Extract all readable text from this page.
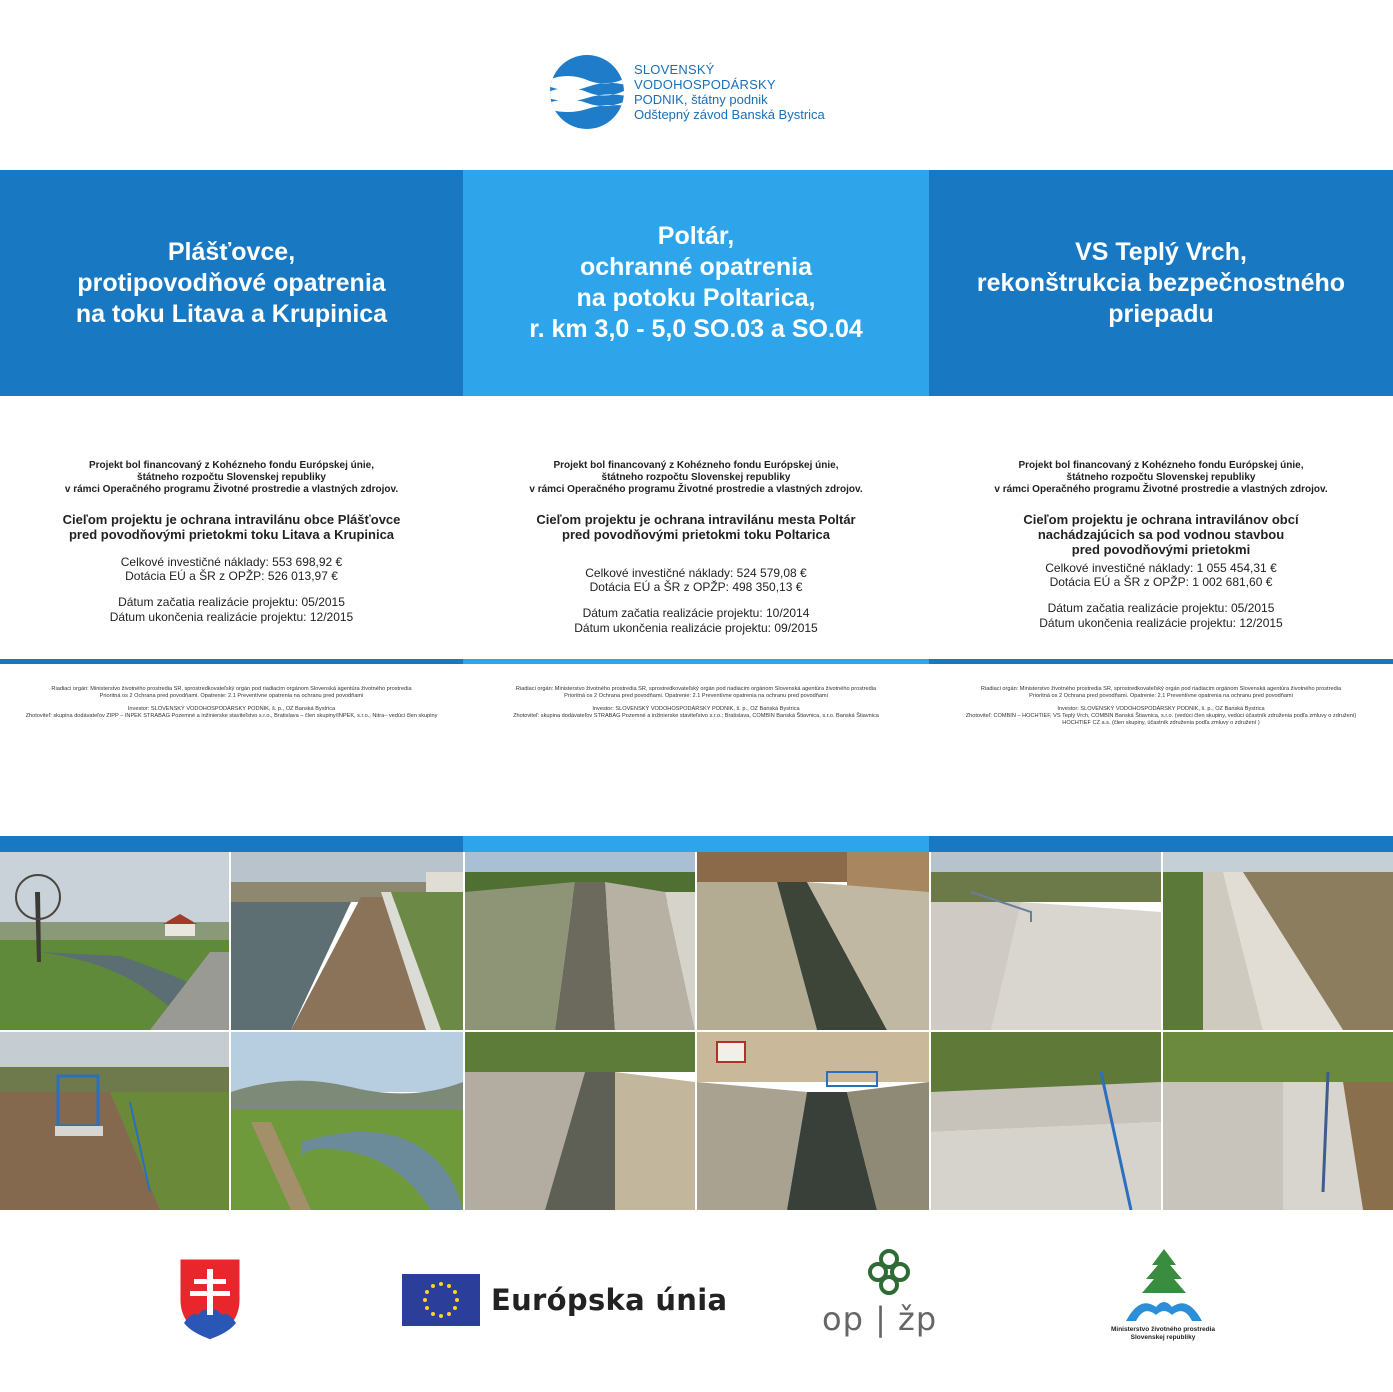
SLOVENSKÝ
VODOHOSPODÁRSKY
PODNIK, štátny podnik
Odštepný závod Banská Bystrica
Plášťovce,
protipovodňové opatrenia
na toku Litava a Krupinica
Poltár,
ochranné opatrenia
na potoku Poltarica,
r. km 3,0 - 5,0 SO.03 a SO.04
VS Teplý Vrch,
rekonštrukcia bezpečnostného
priepadu
Projekt bol financovaný z Kohézneho fondu Európskej únie,
štátneho rozpočtu Slovenskej republiky
v rámci Operačného programu Životné prostredie a vlastných zdrojov.
Cieľom projektu je ochrana intravilánu obce Plášťovce
pred povodňovými prietokmi toku Litava a Krupinica
Celkové investičné náklady: 553 698,92 €
Dotácia EÚ a ŠR z OPŽP: 526 013,97 €
Dátum začatia realizácie projektu: 05/2015
Dátum ukončenia realizácie projektu: 12/2015
Projekt bol financovaný z Kohézneho fondu Európskej únie,
štátneho rozpočtu Slovenskej republiky
v rámci Operačného programu Životné prostredie a vlastných zdrojov.
Cieľom projektu je ochrana intravilánu mesta Poltár
pred povodňovými prietokmi toku Poltarica
Celkové investičné náklady: 524 579,08 €
Dotácia EÚ a ŠR z OPŽP: 498 350,13 €
Dátum začatia realizácie projektu: 10/2014
Dátum ukončenia realizácie projektu: 09/2015
Projekt bol financovaný z Kohézneho fondu Európskej únie,
štátneho rozpočtu Slovenskej republiky
v rámci Operačného programu Životné prostredie a vlastných zdrojov.
Cieľom projektu je ochrana intravilánov obcí
nachádzajúcich sa pod vodnou stavbou
pred povodňovými prietokmi
Celkové investičné náklady: 1 055 454,31 €
Dotácia EÚ a ŠR z OPŽP: 1 002 681,60 €
Dátum začatia realizácie projektu: 05/2015
Dátum ukončenia realizácie projektu: 12/2015
Riadiaci orgán: Ministerstvo životného prostredia SR, sprostredkovateľský orgán pod riadiacim orgánom Slovenská agentúra životného prostredia
Prioritná os 2 Ochrana pred povodňami. Opatrenie: 2.1 Preventívne opatrenia na ochranu pred povodňami
Investor: SLOVENSKÝ VODOHOSPODÁRSKY PODNIK, š. p., OZ Banská Bystrica
Zhotoviteľ: skupina dodávateľov ZIPP – INPEK STRABAG Pozemné a inžinierske staviteľstvo s.r.o., Bratislava – člen skupiny/INPEK, s.r.o., Nitra– vedúci člen skupiny
Riadiaci orgán: Ministerstvo životného prostredia SR, sprostredkovateľský orgán pod riadiacim orgánom Slovenská agentúra životného prostredia
Prioritná os 2 Ochrana pred povodňami. Opatrenie: 2.1 Preventívne opatrenia na ochranu pred povodňami
Investor: SLOVENSKÝ VODOHOSPODÁRSKY PODNIK, š. p., OZ Banská Bystrica
Zhotoviteľ: skupina dodávateľov STRABAG Pozemné a inžinierske staviteľstvo s.r.o.; Bratislava, COMBIN Banská Štiavnica, s.r.o. Banská Štiavnica
Riadiaci orgán: Ministerstvo životného prostredia SR, sprostredkovateľský orgán pod riadiacim orgánom Slovenská agentúra životného prostredia
Prioritná os 2 Ochrana pred povodňami. Opatrenie: 2.1 Preventívne opatrenia na ochranu pred povodňami
Investor: SLOVENSKÝ VODOHOSPODÁRSKY PODNIK, š. p., OZ Banská Bystrica
Zhotoviteľ: COMBIN – HOCHTIEF, VS Teplý Vrch, COMBIN Banská Štiavnica, s.r.o. (vedúci člen skupiny, vedúci účastník združenia podľa zmluvy o združení)
HOCHTIEF CZ a.s. (člen skupiny, účastník združenia podľa zmluvy o združení )
Európska únia	op | žp	Ministerstvo životného prostredia
Slovenskej republiky
